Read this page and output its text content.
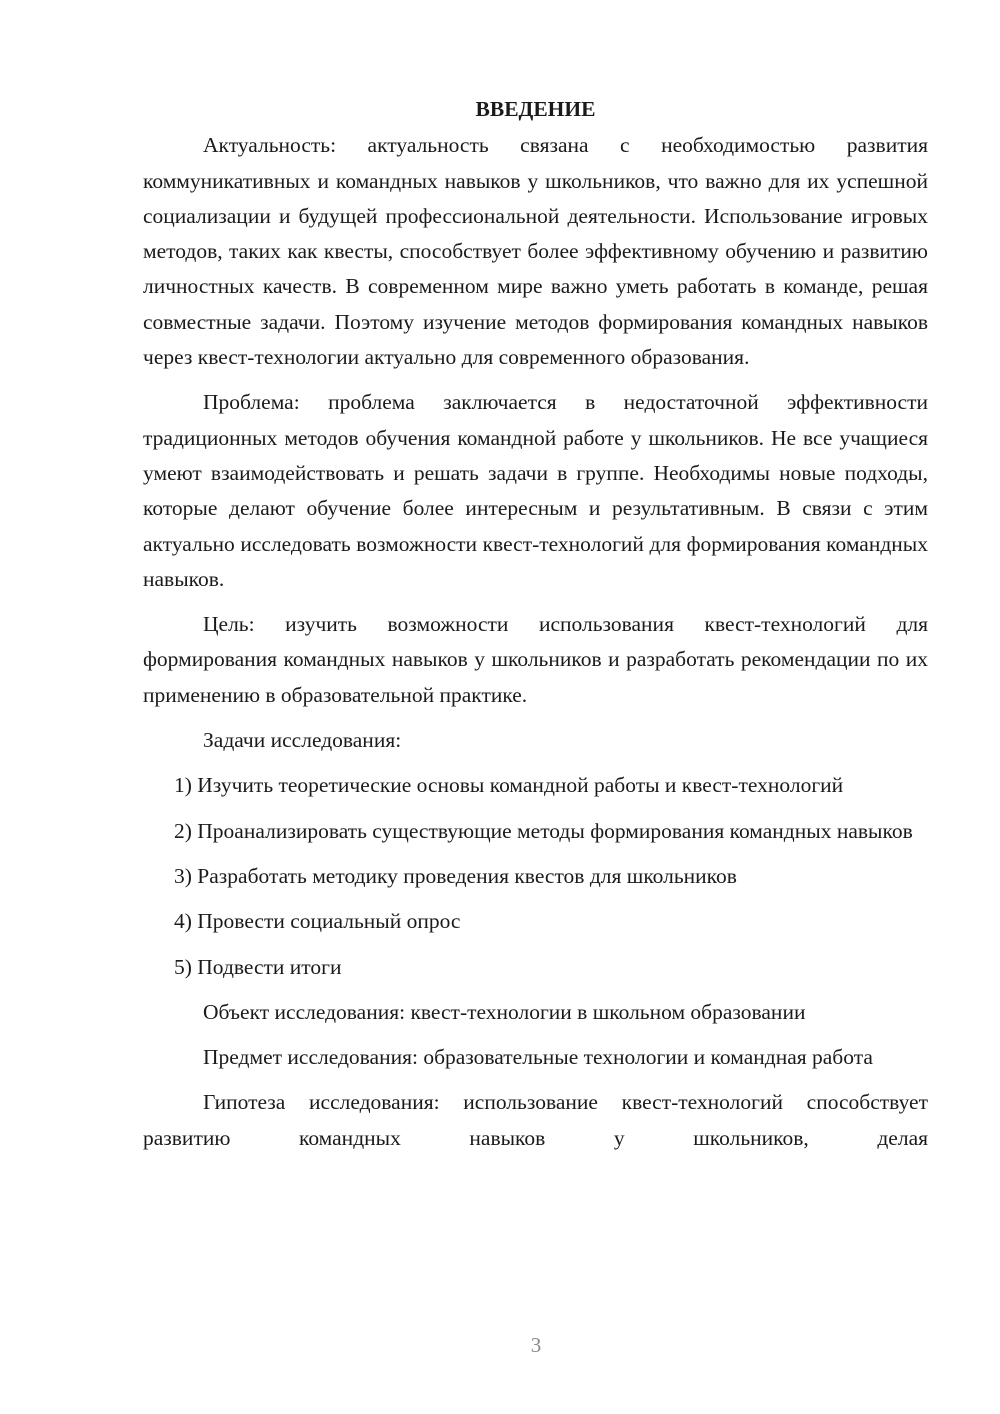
ВВЕДЕНИЕ

Актуальность: актуальность связана с необходимостью развития коммуникативных и командных навыков у школьников, что важно для их успешной социализации и будущей профессиональной деятельности. Использование игровых методов, таких как квесты, способствует более эффективному обучению и развитию личностных качеств. В современном мире важно уметь работать в команде, решая совместные задачи. Поэтому изучение методов формирования командных навыков через квест-технологии актуально для современного образования.

Проблема: проблема заключается в недостаточной эффективности традиционных методов обучения командной работе у школьников. Не все учащиеся умеют взаимодействовать и решать задачи в группе. Необходимы новые подходы, которые делают обучение более интересным и результативным. В связи с этим актуально исследовать возможности квест-технологий для формирования командных навыков.

Цель: изучить возможности использования квест-технологий для формирования командных навыков у школьников и разработать рекомендации по их применению в образовательной практике.

Задачи исследования:

1) Изучить теоретические основы командной работы и квест-технологий

2) Проанализировать существующие методы формирования командных навыков

3) Разработать методику проведения квестов для школьников

4) Провести социальный опрос

5) Подвести итоги

Объект исследования: квест-технологии в школьном образовании

Предмет исследования: образовательные технологии и командная работа

Гипотеза исследования: использование квест-технологий способствует развитию командных навыков у школьников, делая

3
